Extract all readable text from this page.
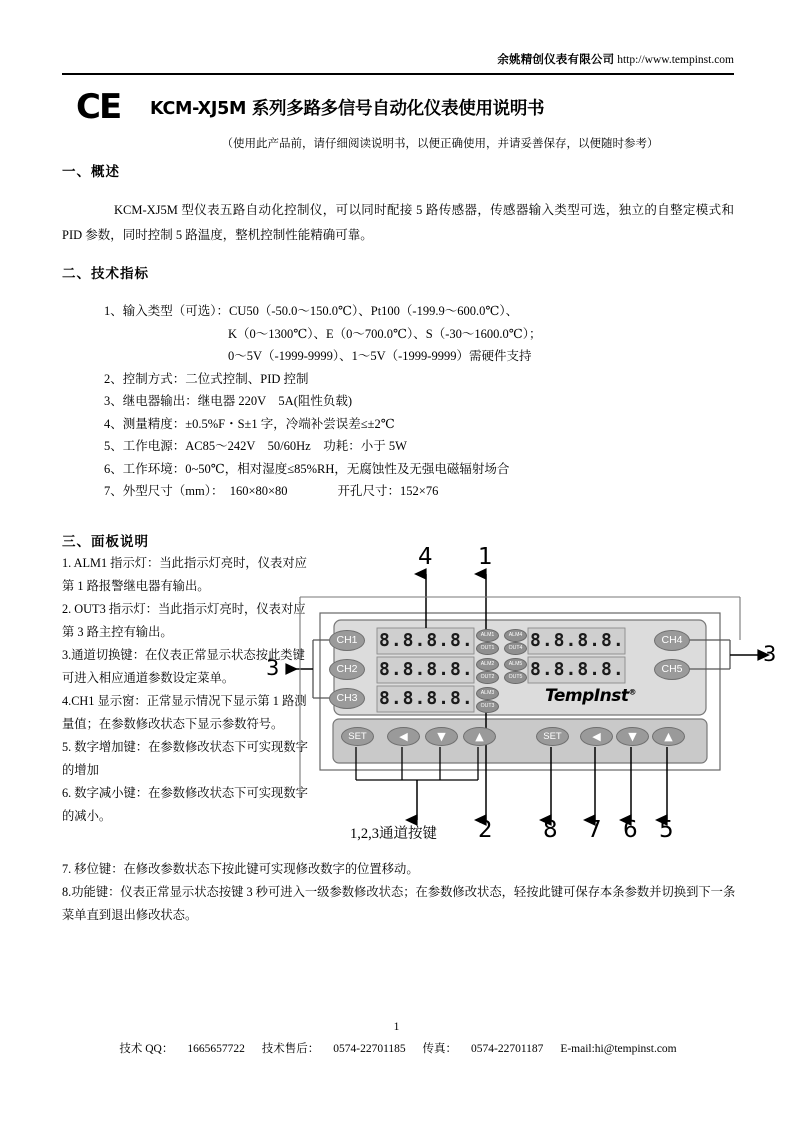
余姚精创仪表有限公司 http://www.tempinst.com
CE	KCM-XJ5M 系列多路多信号自动化仪表使用说明书
（使用此产品前，请仔细阅读说明书，以便正确使用，并请妥善保存，以便随时参考）
一、概述
KCM-XJ5M 型仪表五路自动化控制仪，可以同时配接 5 路传感器，传感器输入类型可选，独立的自整定模式和 PID 参数，同时控制 5 路温度，整机控制性能精确可靠。
二、技术指标
1、输入类型（可选）：CU50（-50.0～150.0℃）、Pt100（-199.9～600.0℃）、
K（0～1300℃）、E（0～700.0℃）、S（-30～1600.0℃）；
0～5V（-1999-9999）、1～5V（-1999-9999）需硬件支持
2、控制方式：二位式控制、PID 控制
3、继电器输出：继电器 220V　5A(阻性负载)
4、测量精度：±0.5%F・S±1 字，冷端补尝误差≤±2℃
5、工作电源：AC85～242V　50/60Hz　功耗：小于 5W
6、工作环境：0~50℃，相对湿度≤85%RH，无腐蚀性及无强电磁辐射场合
7、外型尺寸（mm）：　160×80×80　　　　开孔尺寸：152×76
三、面板说明

1. ALM1 指示灯：当此指示灯亮时，仪表对应第 1 路报警继电器有输出。

2. OUT3 指示灯：当此指示灯亮时，仪表对应第 3 路主控有输出。

3.通道切换键：在仪表正常显示状态按此类键可进入相应通道参数设定菜单。

4.CH1 显示窗：正常显示情况下显示第 1 路测量值；在参数修改状态下显示参数符号。

5. 数字增加键：在参数修改状态下可实现数字的增加

6. 数字减小键：在参数修改状态下可实现数字的减小。

7. 移位键：在修改参数状态下按此键可实现修改数字的位置移动。

8.功能键：仪表正常显示状态按键 3 秒可进入一级参数修改状态；在参数修改状态，轻按此键可保存本条参数并切换到下一条菜单直到退出修改状态。

CH1
CH2
CH3
CH4
CH5
8.8.8.8.
8.8.8.8.
8.8.8.8.
8.8.8.8.
8.8.8.8.
ALM1
OUT1
ALM2
OUT2
ALM3
OUT3
ALM4
OUT4
ALM5
OUT5
TempInst®
SET	◀	▼	▲	SET	◀	▼	▲
4 1
3
3
1,2,3通道按键 2 8 7 6 5
1
技术 QQ： 1665657722 技术售后： 0574-22701185 传真： 0574-22701187 E-mail:hi@tempinst.com
